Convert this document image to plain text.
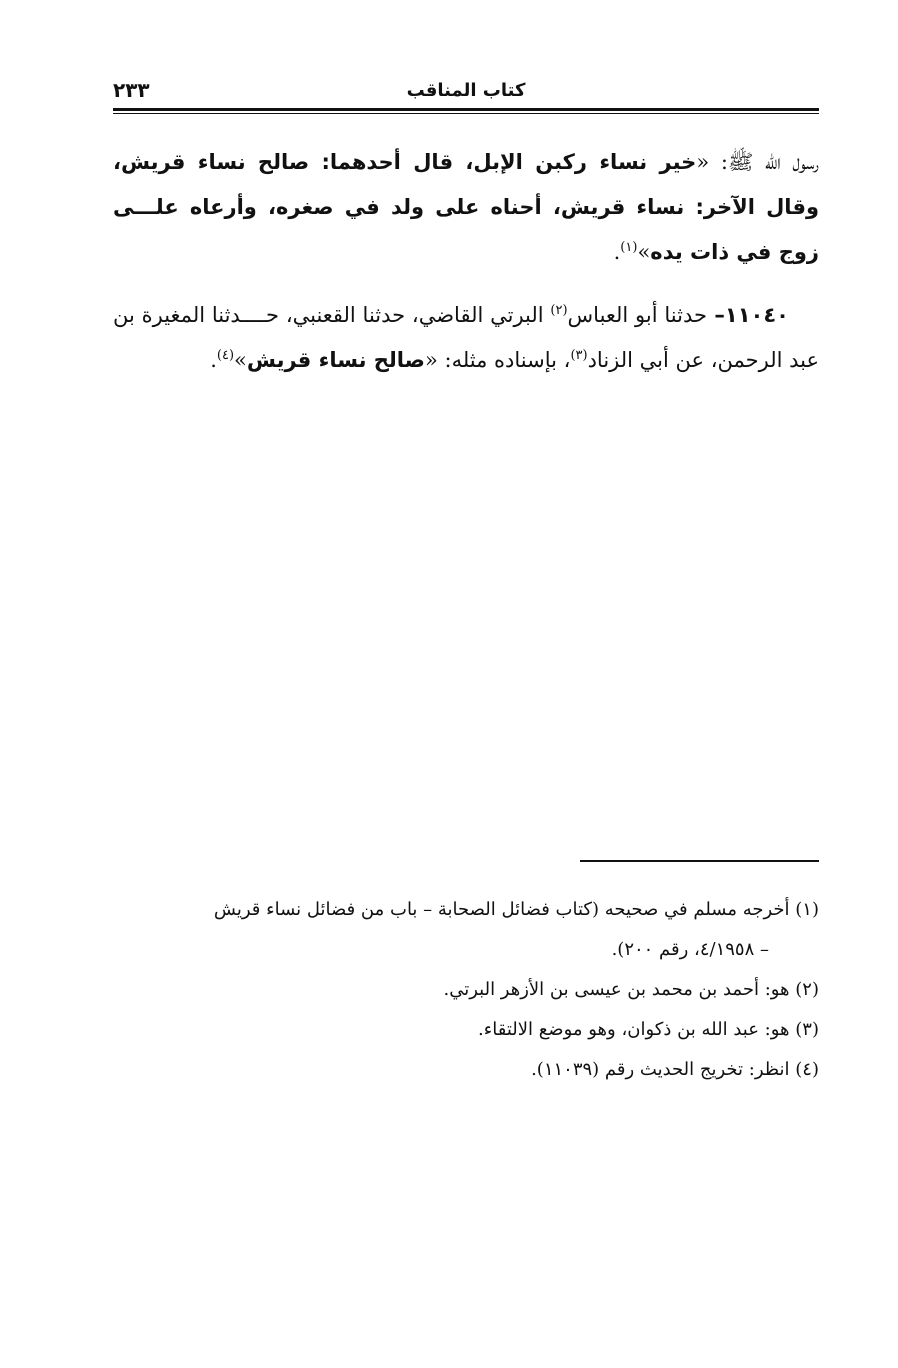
كتاب المناقب
٢٣٣

رسول الله ﷺ: «خير نساء ركبن الإبل، قال أحدهما: صالح نساء قريش، وقال الآخر: نساء قريش، أحناه على ولد في صغره، وأرعاه علـــى زوج في ذات يده»$^{(١)}$.

١١٠٤٠– حدثنا أبو العباس$^{(٢)}$ البرتي القاضي، حدثنا القعنبي، حــــدثنا المغيرة بن عبد الرحمن، عن أبي الزناد$^{(٣)}$، بإسناده مثله: «صالح نساء قريش»$^{(٤)}$.

(١) أخرجه مسلم في صحيحه (كتاب فضائل الصحابة – باب من فضائل نساء قريش

– ٤/١٩٥٨، رقم ٢٠٠).

(٢) هو: أحمد بن محمد بن عيسى بن الأزهر البرتي.

(٣) هو: عبد الله بن ذكوان، وهو موضع الالتقاء.

(٤) انظر: تخريج الحديث رقم (١١٠٣٩).
